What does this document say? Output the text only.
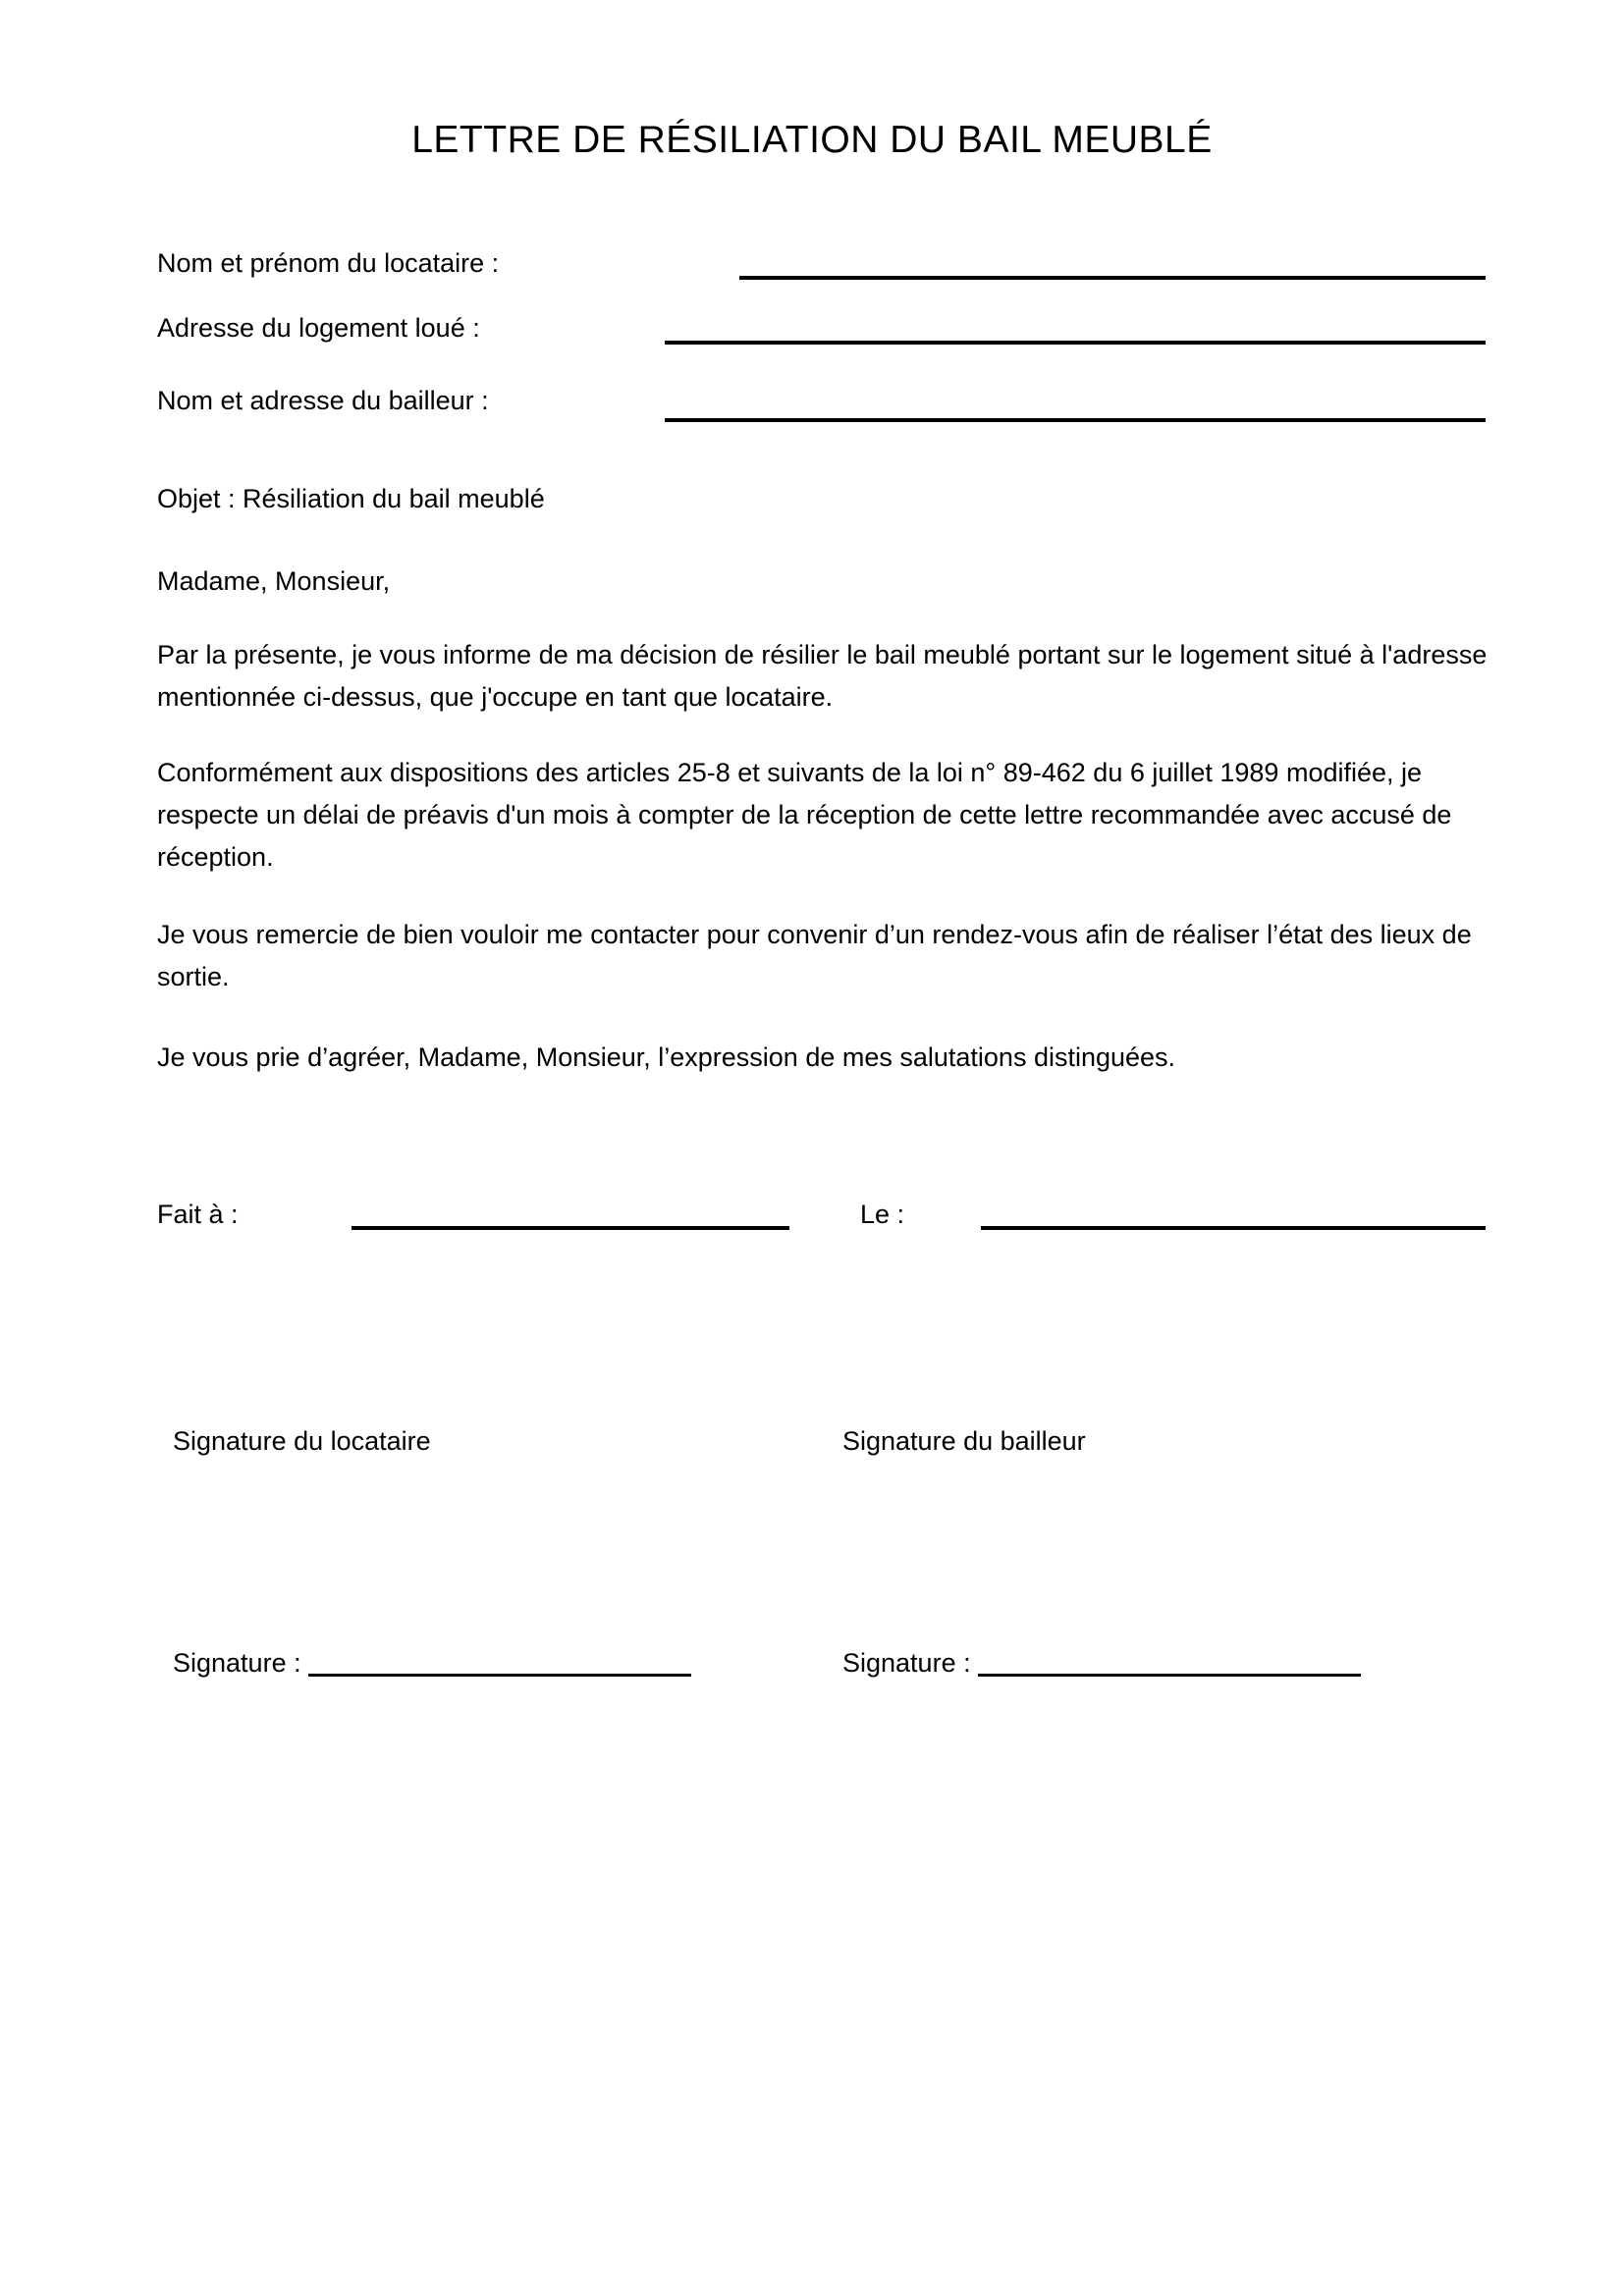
LETTRE DE RÉSILIATION DU BAIL MEUBLÉ
Nom et prénom du locataire :
Adresse du logement loué :
Nom et adresse du bailleur :
Objet : Résiliation du bail meublé
Madame, Monsieur,

Par la présente, je vous informe de ma décision de résilier le bail meublé portant sur le logement situé à l'adresse mentionnée ci-dessus, que j'occupe en tant que locataire.

Conformément aux dispositions des articles 25-8 et suivants de la loi n° 89-462 du 6 juillet 1989 modifiée, je respecte un délai de préavis d'un mois à compter de la réception de cette lettre recommandée avec accusé de réception.

Je vous remercie de bien vouloir me contacter pour convenir d’un rendez-vous afin de réaliser l’état des lieux de sortie.

Je vous prie d’agréer, Madame, Monsieur, l’expression de mes salutations distinguées.

Fait à :	Le :
Signature du locataire	Signature du bailleur
Signature :	Signature :
